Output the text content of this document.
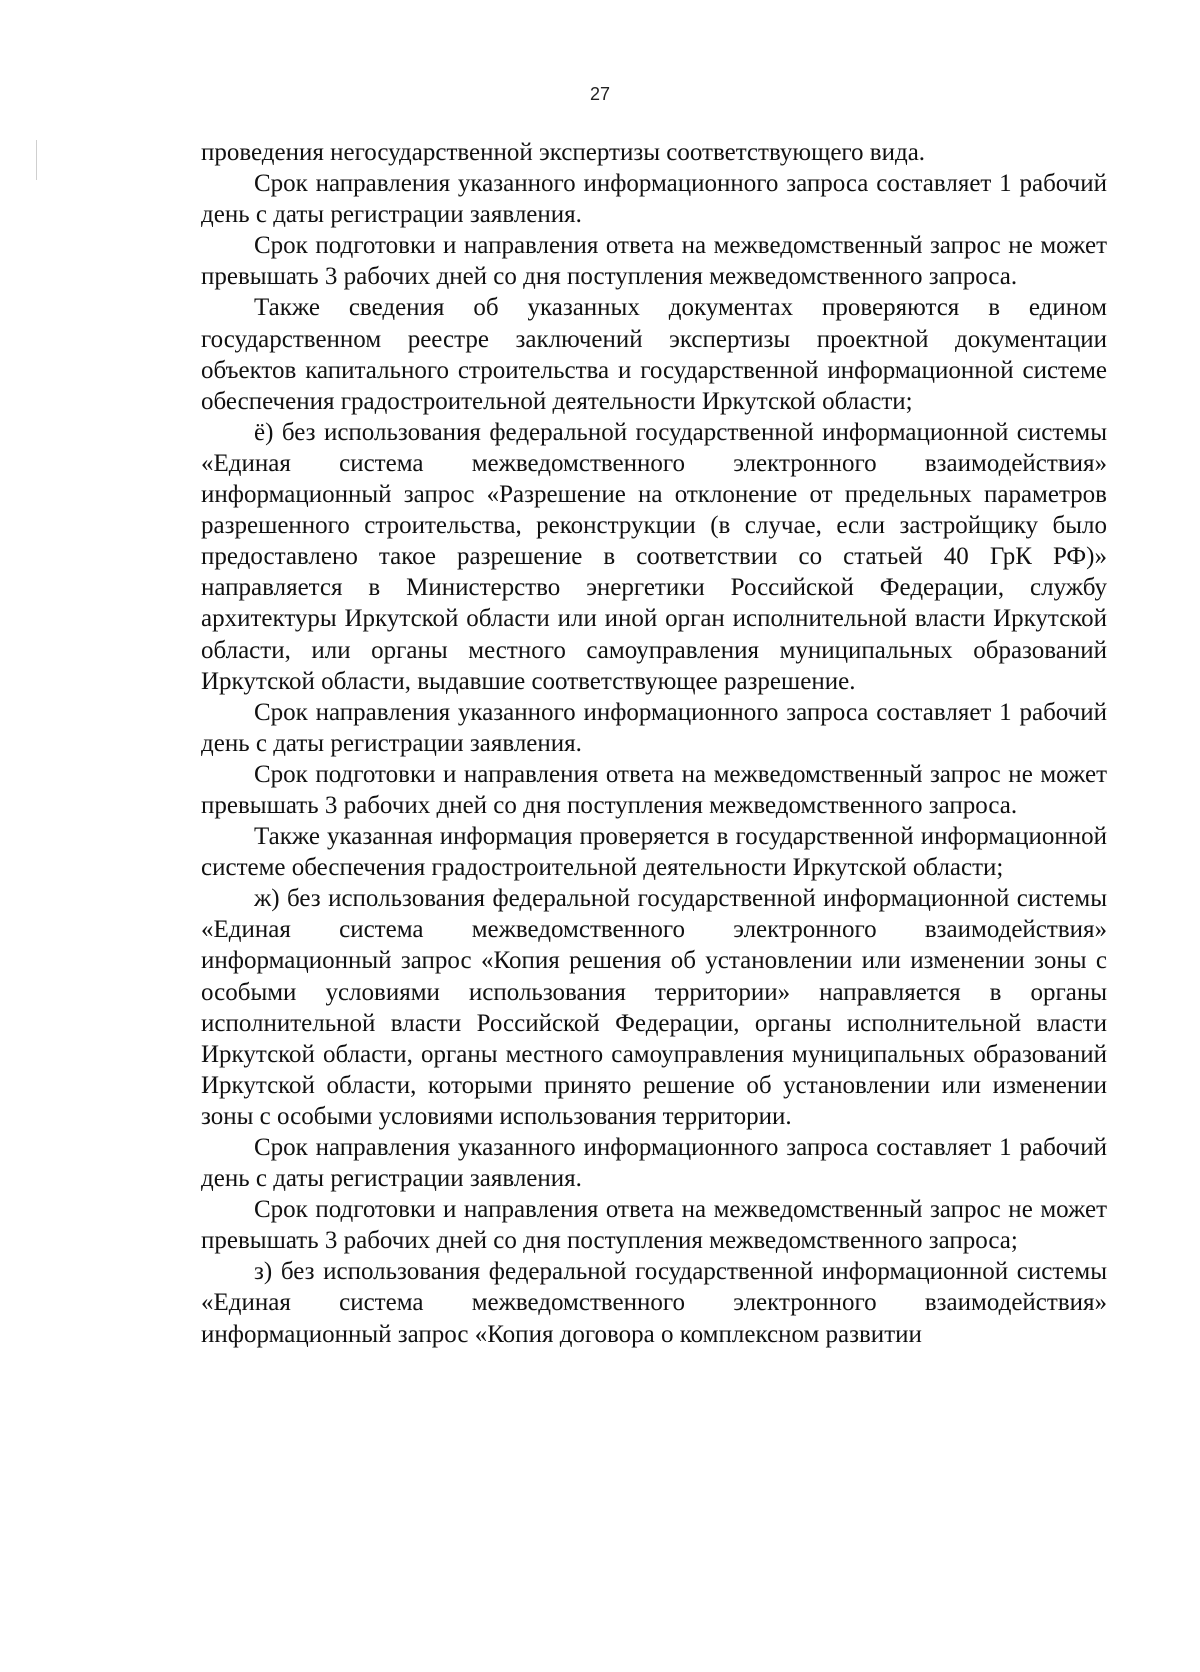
27

проведения негосударственной экспертизы соответствующего вида.

Срок направления указанного информационного запроса составляет 1 рабочий день с даты регистрации заявления.

Срок подготовки и направления ответа на межведомственный запрос не может превышать 3 рабочих дней со дня поступления межведомственного запроса.

Также сведения об указанных документах проверяются в едином государственном реестре заключений экспертизы проектной документации объектов капитального строительства и государственной информационной системе обеспечения градостроительной деятельности Иркутской области;

ё) без использования федеральной государственной информационной системы «Единая система межведомственного электронного взаимодействия» информационный запрос «Разрешение на отклонение от предельных параметров разрешенного строительства, реконструкции (в случае, если застройщику было предоставлено такое разрешение в соответствии со статьей 40 ГрК РФ)» направляется в Министерство энергетики Российской Федерации, службу архитектуры Иркутской области или иной орган исполнительной власти Иркутской области, или органы местного самоуправления муниципальных образований Иркутской области, выдавшие соответствующее разрешение.

Срок направления указанного информационного запроса составляет 1 рабочий день с даты регистрации заявления.

Срок подготовки и направления ответа на межведомственный запрос не может превышать 3 рабочих дней со дня поступления межведомственного запроса.

Также указанная информация проверяется в государственной информационной системе обеспечения градостроительной деятельности Иркутской области;

ж) без использования федеральной государственной информационной системы «Единая система межведомственного электронного взаимодействия» информационный запрос «Копия решения об установлении или изменении зоны с особыми условиями использования территории» направляется в органы исполнительной власти Российской Федерации, органы исполнительной власти Иркутской области, органы местного самоуправления муниципальных образований Иркутской области, которыми принято решение об установлении или изменении зоны с особыми условиями использования территории.

Срок направления указанного информационного запроса составляет 1 рабочий день с даты регистрации заявления.

Срок подготовки и направления ответа на межведомственный запрос не может превышать 3 рабочих дней со дня поступления межведомственного запроса;

з) без использования федеральной государственной информационной системы «Единая система межведомственного электронного взаимодействия» информационный запрос «Копия договора о комплексном развитии
